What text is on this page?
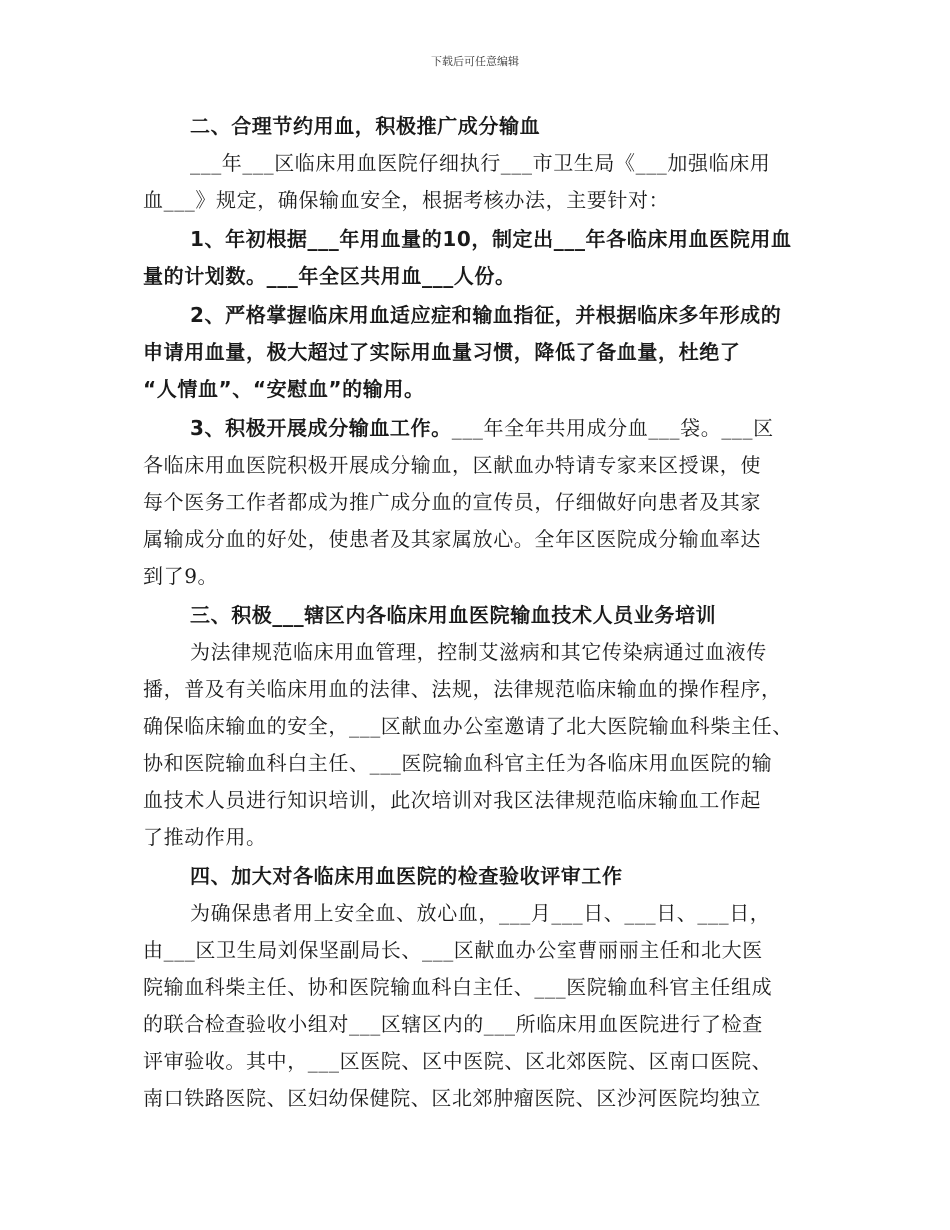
下载后可任意编辑
二、合理节约用血，积极推广成分输血
___年___区临床用血医院仔细执行___市卫生局《___加强临床用
血___》规定，确保输血安全，根据考核办法，主要针对：
1、年初根据___年用血量的10，制定出___年各临床用血医院用血
量的计划数。___年全区共用血___人份。
2、严格掌握临床用血适应症和输血指征，并根据临床多年形成的
申请用血量，极大超过了实际用血量习惯，降低了备血量，杜绝了
“人情血”、“安慰血”的输用。
3、积极开展成分输血工作。___年全年共用成分血___袋。___区
各临床用血医院积极开展成分输血，区献血办特请专家来区授课，使
每个医务工作者都成为推广成分血的宣传员，仔细做好向患者及其家
属输成分血的好处，使患者及其家属放心。全年区医院成分输血率达
到了9。
三、积极___辖区内各临床用血医院输血技术人员业务培训
为法律规范临床用血管理，控制艾滋病和其它传染病通过血液传
播，普及有关临床用血的法律、法规，法律规范临床输血的操作程序，
确保临床输血的安全，___区献血办公室邀请了北大医院输血科柴主任、
协和医院输血科白主任、___医院输血科官主任为各临床用血医院的输
血技术人员进行知识培训，此次培训对我区法律规范临床输血工作起
了推动作用。
四、加大对各临床用血医院的检查验收评审工作
为确保患者用上安全血、放心血，___月___日、___日、___日，
由___区卫生局刘保坚副局长、___区献血办公室曹丽丽主任和北大医
院输血科柴主任、协和医院输血科白主任、___医院输血科官主任组成
的联合检查验收小组对___区辖区内的___所临床用血医院进行了检查
评审验收。其中，___区医院、区中医院、区北郊医院、区南口医院、
南口铁路医院、区妇幼保健院、区北郊肿瘤医院、区沙河医院均独立
